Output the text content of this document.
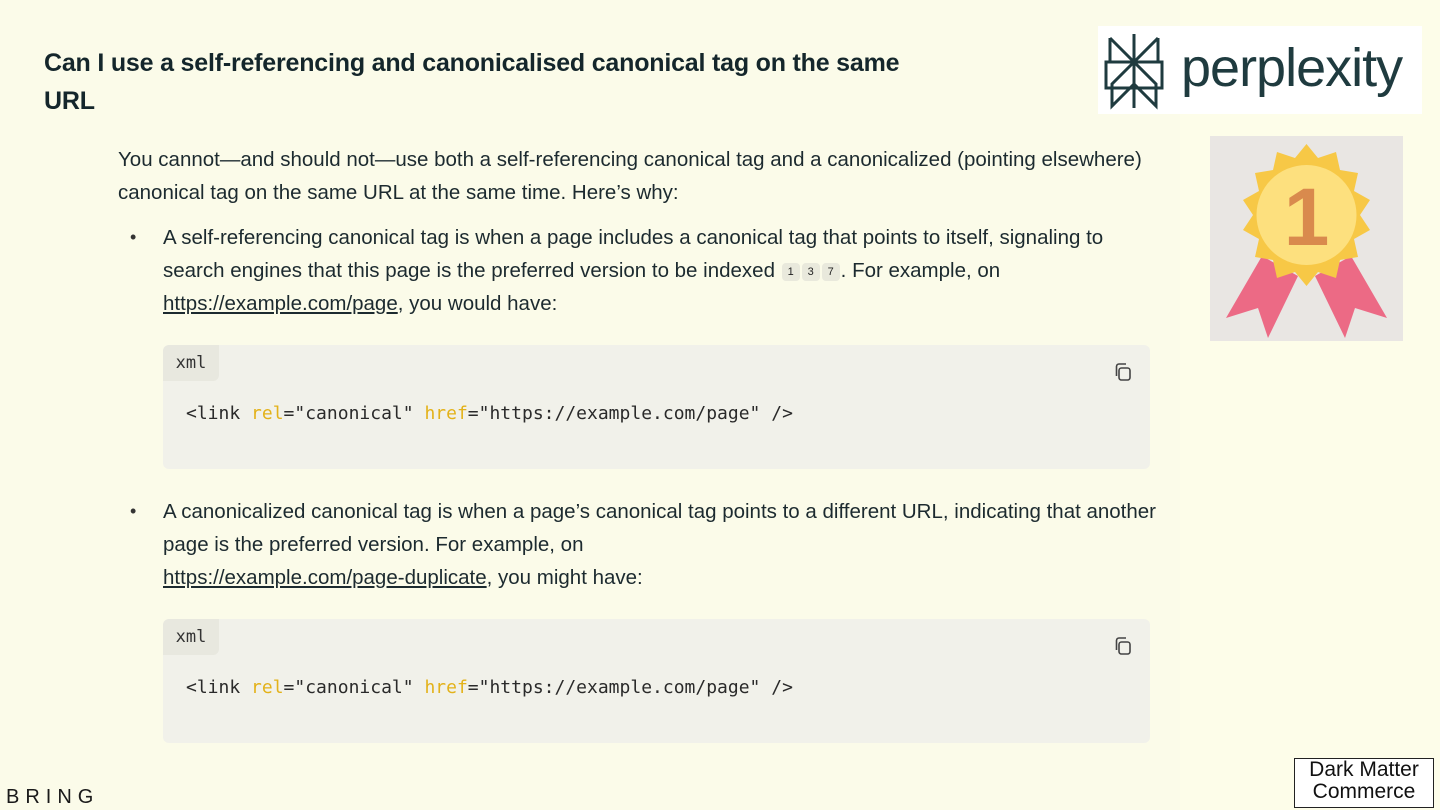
Can I use a self-referencing and canonicalised canonical tag on the same URL

You cannot—and should not—use both a self-referencing canonical tag and a canonicalized (pointing elsewhere) canonical tag on the same URL at the same time. Here’s why:

• A self-referencing canonical tag is when a page includes a canonical tag that points to itself, signaling to search engines that this page is the preferred version to be indexed 1 3 7 . For example, on https://example.com/page, you would have:
xml
<link rel="canonical" href="https://example.com/page" />
• A canonicalized canonical tag is when a page’s canonical tag points to a different URL, indicating that another page is the preferred version. For example, on
https://example.com/page-duplicate, you might have:
xml
<link rel="canonical" href="https://example.com/page" />
perplexity
1
BRING
Dark Matter
Commerce
